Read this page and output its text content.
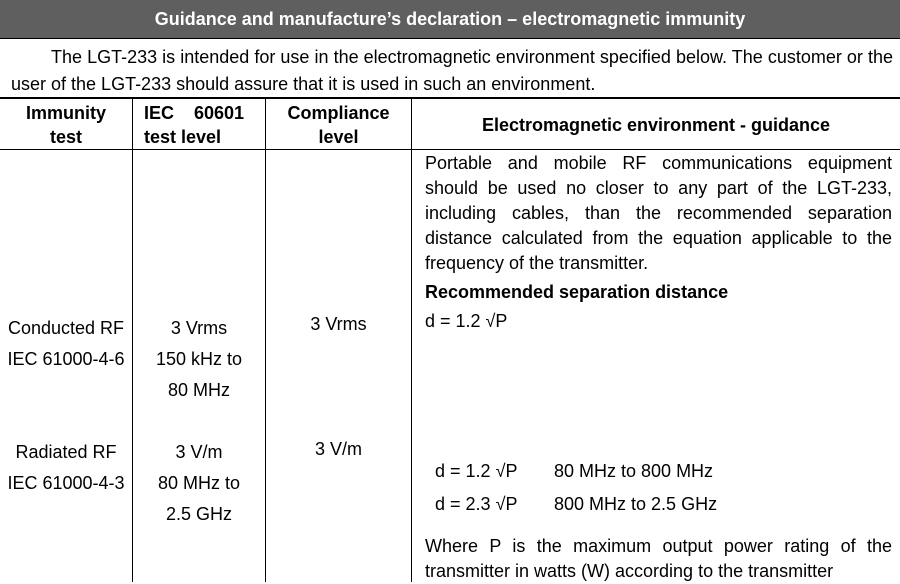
Guidance and manufacture’s declaration – electromagnetic immunity
The LGT-233 is intended for use in the electromagnetic environment specified below. The customer or the user of the LGT-233 should assure that it is used in such an environment.
Immunity
test
IEC    60601
test level
Compliance
level
Electromagnetic environment - guidance
Conducted RF
IEC 61000-4-6
3 Vrms
150 kHz to
80 MHz
3 Vrms
Radiated RF
IEC 61000-4-3
3 V/m
80 MHz to
2.5 GHz
3 V/m
Portable and mobile RF communications equipment should be used no closer to any part of the LGT-233, including cables, than the recommended separation distance calculated from the equation applicable to the frequency of the transmitter.
Recommended separation distance
d = 1.2 √P

d = 1.2 √P 80 MHz to 800 MHz

d = 2.3 √P 800 MHz to 2.5 GHz

Where P is the maximum output power rating of the transmitter in watts (W) according to the transmitter
